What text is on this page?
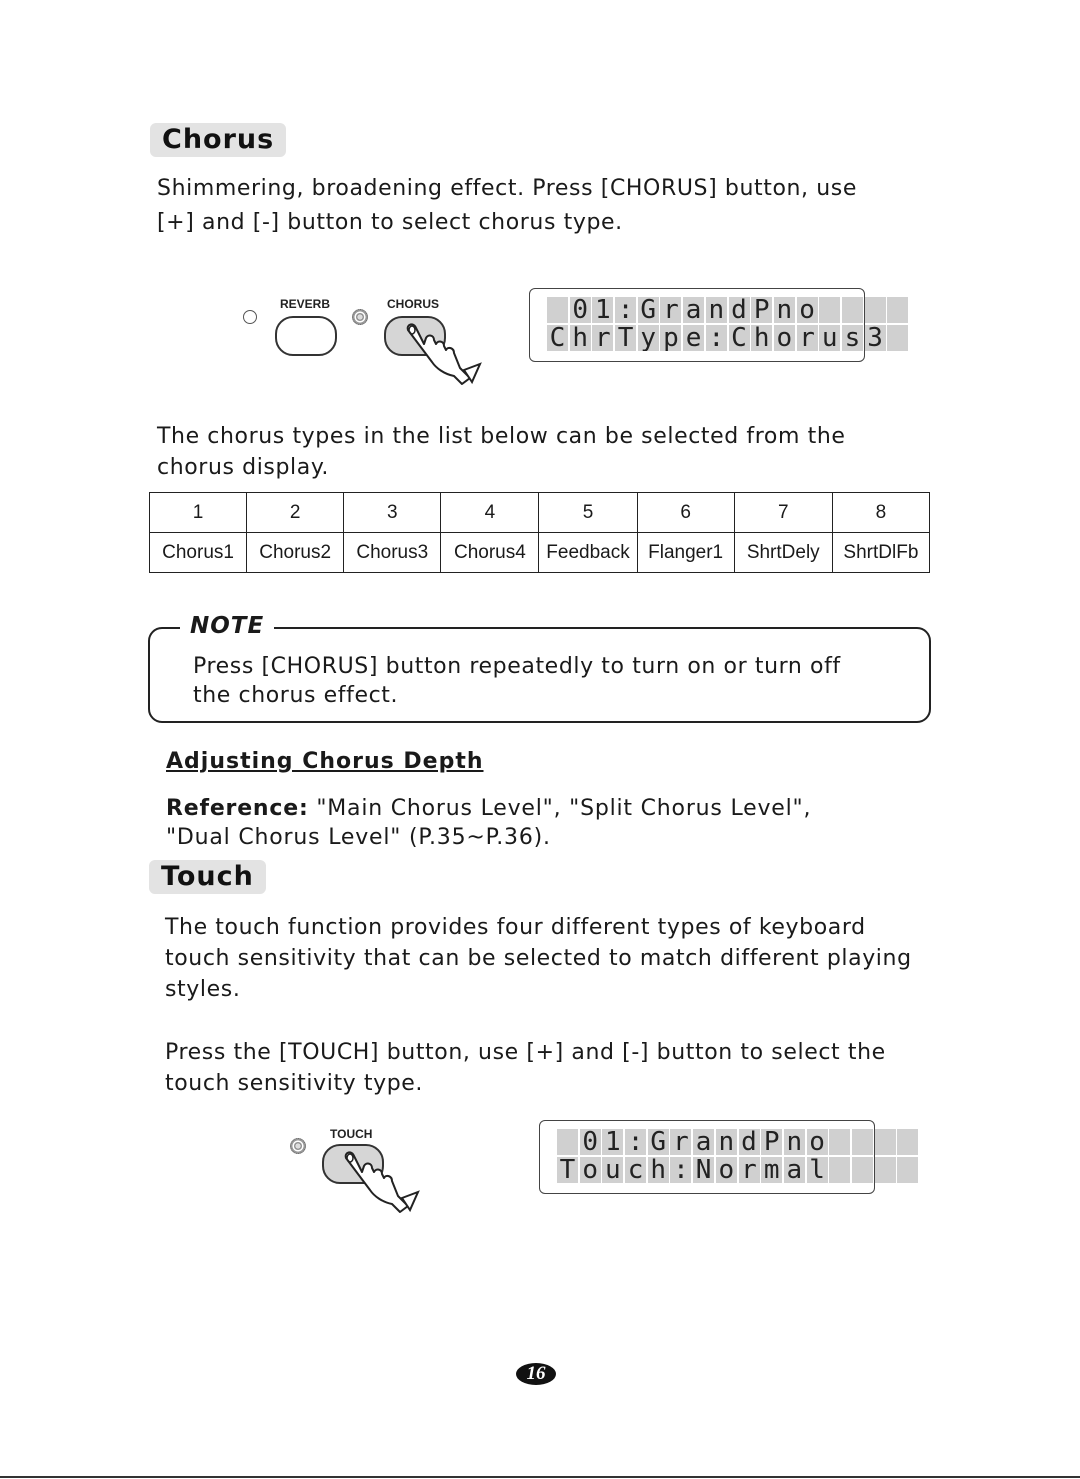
Chorus

Shimmering, broadening effect. Press [CHORUS] button, use

[+] and [-] button to select chorus type.

REVERB	CHORUS	0 1 : G r a n d P n o
C h r T y p e : C h o r u s 3

The chorus types in the list below can be selected from the

chorus display.

1	2	3	4	5	6	7	8
Chorus1	Chorus2	Chorus3	Chorus4	Feedback	Flanger1	ShrtDely	ShrtDlFb
NOTE

Press [CHORUS] button repeatedly to turn on or turn off

the chorus effect.

Adjusting Chorus Depth

Reference: "Main Chorus Level", "Split Chorus Level",

"Dual Chorus Level" (P.35~P.36).

Touch

The touch function provides four different types of keyboard

touch sensitivity that can be selected to match different playing

styles.

Press the [TOUCH] button, use [+] and [-] button to select the

touch sensitivity type.

TOUCH	0 1 : G r a n d P n o
T o u c h : N o r m a l
16
